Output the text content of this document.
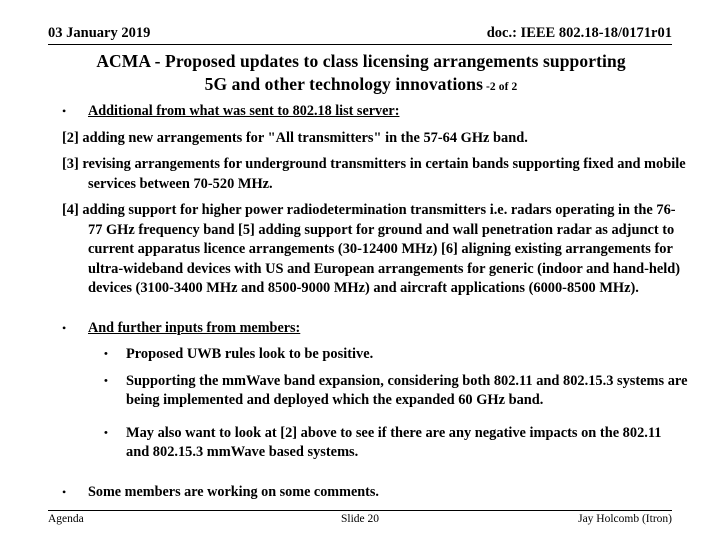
03 January 2019	doc.: IEEE 802.18-18/0171r01
ACMA - Proposed updates to class licensing arrangements supporting
5G and other technology innovations -2 of 2
• Additional from what was sent to 802.18 list server:
[2] adding new arrangements for "All transmitters" in the 57-64 GHz band.
[3] revising arrangements for underground transmitters in certain bands supporting fixed and mobile services between 70-520 MHz.
[4] adding support for higher power radiodetermination transmitters i.e. radars operating in the 76-77 GHz frequency band [5] adding support for ground and wall penetration radar as adjunct to current apparatus licence arrangements (30-12400 MHz) [6] aligning existing arrangements for ultra-wideband devices with US and European arrangements for generic (indoor and hand-held) devices (3100-3400 MHz and 8500-9000 MHz) and aircraft applications (6000-8500 MHz).
• And further inputs from members:
• Proposed UWB rules look to be positive.
• Supporting the mmWave band expansion, considering both 802.11 and 802.15.3 systems are being implemented and deployed which the expanded 60 GHz band.
• May also want to look at [2] above to see if there are any negative impacts on the 802.11 and 802.15.3 mmWave based systems.
• Some members are working on some comments.
Slide 20
Agenda	Jay Holcomb (Itron)
